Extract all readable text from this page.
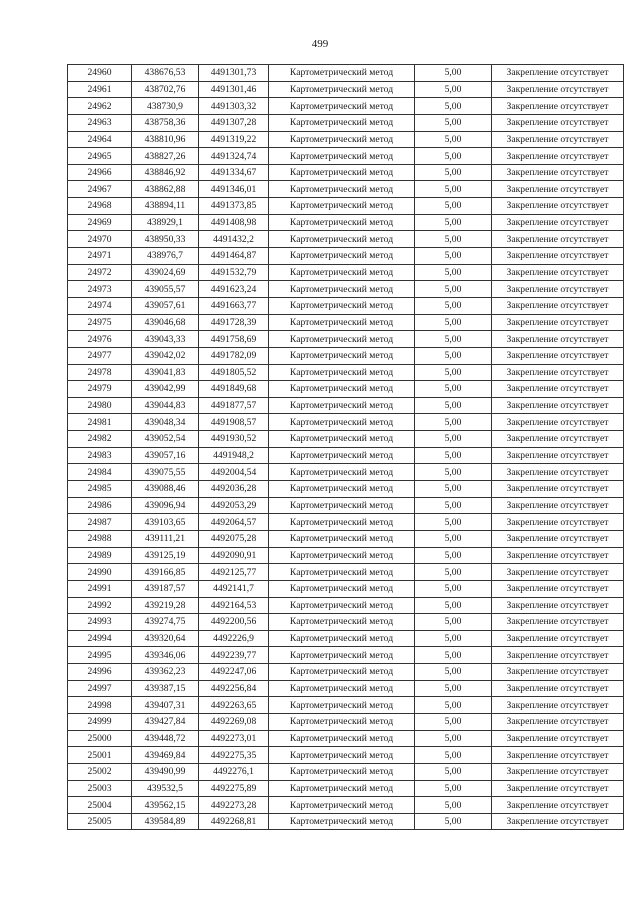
499
24960	438676,53	4491301,73	Картометрический метод	5,00	Закрепление отсутствует
24961	438702,76	4491301,46	Картометрический метод	5,00	Закрепление отсутствует
24962	438730,9	4491303,32	Картометрический метод	5,00	Закрепление отсутствует
24963	438758,36	4491307,28	Картометрический метод	5,00	Закрепление отсутствует
24964	438810,96	4491319,22	Картометрический метод	5,00	Закрепление отсутствует
24965	438827,26	4491324,74	Картометрический метод	5,00	Закрепление отсутствует
24966	438846,92	4491334,67	Картометрический метод	5,00	Закрепление отсутствует
24967	438862,88	4491346,01	Картометрический метод	5,00	Закрепление отсутствует
24968	438894,11	4491373,85	Картометрический метод	5,00	Закрепление отсутствует
24969	438929,1	4491408,98	Картометрический метод	5,00	Закрепление отсутствует
24970	438950,33	4491432,2	Картометрический метод	5,00	Закрепление отсутствует
24971	438976,7	4491464,87	Картометрический метод	5,00	Закрепление отсутствует
24972	439024,69	4491532,79	Картометрический метод	5,00	Закрепление отсутствует
24973	439055,57	4491623,24	Картометрический метод	5,00	Закрепление отсутствует
24974	439057,61	4491663,77	Картометрический метод	5,00	Закрепление отсутствует
24975	439046,68	4491728,39	Картометрический метод	5,00	Закрепление отсутствует
24976	439043,33	4491758,69	Картометрический метод	5,00	Закрепление отсутствует
24977	439042,02	4491782,09	Картометрический метод	5,00	Закрепление отсутствует
24978	439041,83	4491805,52	Картометрический метод	5,00	Закрепление отсутствует
24979	439042,99	4491849,68	Картометрический метод	5,00	Закрепление отсутствует
24980	439044,83	4491877,57	Картометрический метод	5,00	Закрепление отсутствует
24981	439048,34	4491908,57	Картометрический метод	5,00	Закрепление отсутствует
24982	439052,54	4491930,52	Картометрический метод	5,00	Закрепление отсутствует
24983	439057,16	4491948,2	Картометрический метод	5,00	Закрепление отсутствует
24984	439075,55	4492004,54	Картометрический метод	5,00	Закрепление отсутствует
24985	439088,46	4492036,28	Картометрический метод	5,00	Закрепление отсутствует
24986	439096,94	4492053,29	Картометрический метод	5,00	Закрепление отсутствует
24987	439103,65	4492064,57	Картометрический метод	5,00	Закрепление отсутствует
24988	439111,21	4492075,28	Картометрический метод	5,00	Закрепление отсутствует
24989	439125,19	4492090,91	Картометрический метод	5,00	Закрепление отсутствует
24990	439166,85	4492125,77	Картометрический метод	5,00	Закрепление отсутствует
24991	439187,57	4492141,7	Картометрический метод	5,00	Закрепление отсутствует
24992	439219,28	4492164,53	Картометрический метод	5,00	Закрепление отсутствует
24993	439274,75	4492200,56	Картометрический метод	5,00	Закрепление отсутствует
24994	439320,64	4492226,9	Картометрический метод	5,00	Закрепление отсутствует
24995	439346,06	4492239,77	Картометрический метод	5,00	Закрепление отсутствует
24996	439362,23	4492247,06	Картометрический метод	5,00	Закрепление отсутствует
24997	439387,15	4492256,84	Картометрический метод	5,00	Закрепление отсутствует
24998	439407,31	4492263,65	Картометрический метод	5,00	Закрепление отсутствует
24999	439427,84	4492269,08	Картометрический метод	5,00	Закрепление отсутствует
25000	439448,72	4492273,01	Картометрический метод	5,00	Закрепление отсутствует
25001	439469,84	4492275,35	Картометрический метод	5,00	Закрепление отсутствует
25002	439490,99	4492276,1	Картометрический метод	5,00	Закрепление отсутствует
25003	439532,5	4492275,89	Картометрический метод	5,00	Закрепление отсутствует
25004	439562,15	4492273,28	Картометрический метод	5,00	Закрепление отсутствует
25005	439584,89	4492268,81	Картометрический метод	5,00	Закрепление отсутствует
